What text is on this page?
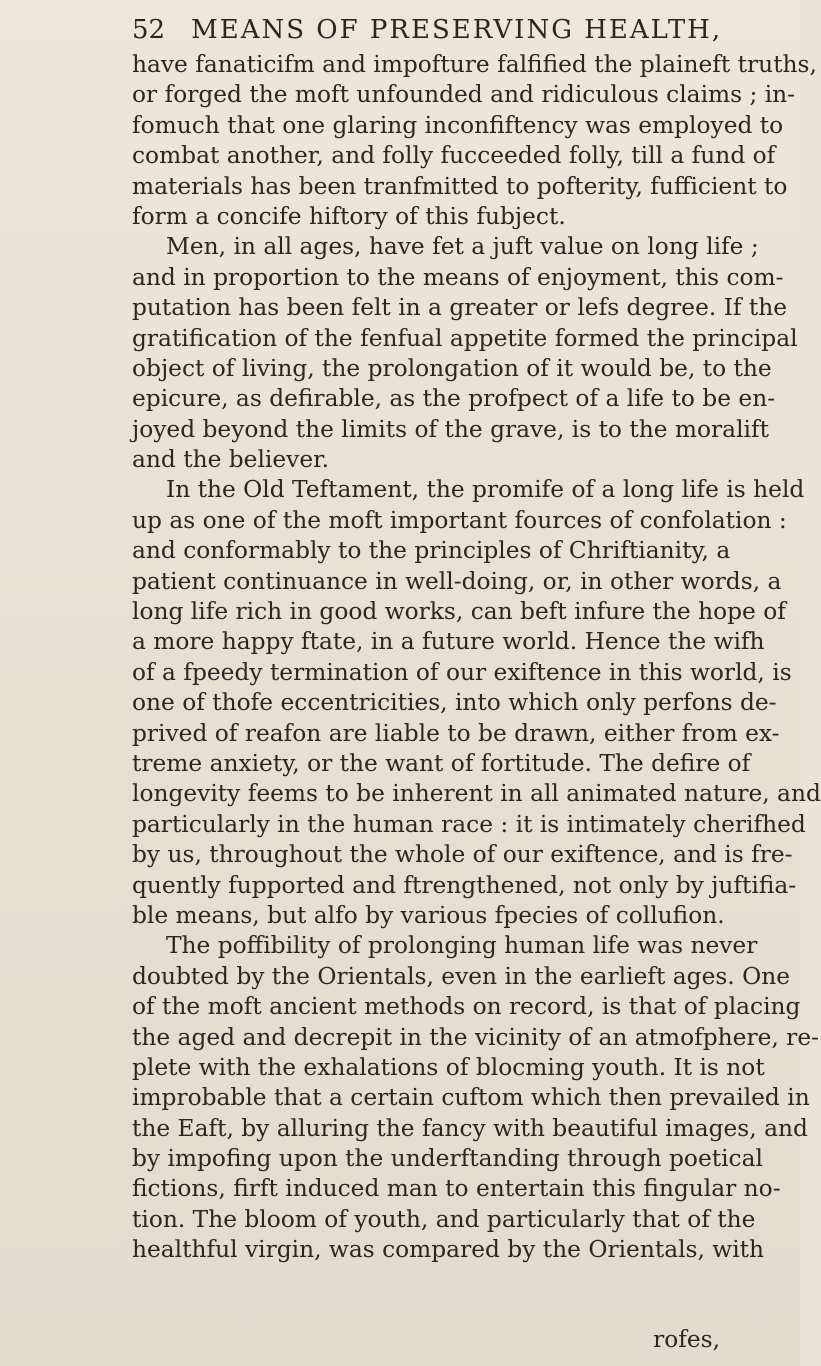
52 MEANS OF PRESERVING HEALTH,
have fanaticifm and impofture falfified the plaineft truths,
or forged the moft unfounded and ridiculous claims ; in-
fomuch that one glaring inconfiftency was employed to
combat another, and folly fucceeded folly, till a fund of
materials has been tranfmitted to pofterity, fufficient to
form a concife hiftory of this fubject.
Men, in all ages, have fet a juft value on long life ;
and in proportion to the means of enjoyment, this com-
putation has been felt in a greater or lefs degree. If the
gratification of the fenfual appetite formed the principal
object of living, the prolongation of it would be, to the
epicure, as defirable, as the profpect of a life to be en-
joyed beyond the limits of the grave, is to the moralift
and the believer.
In the Old Teftament, the promife of a long life is held
up as one of the moft important fources of confolation :
and conformably to the principles of Chriftianity, a
patient continuance in well-doing, or, in other words, a
long life rich in good works, can beft infure the hope of
a more happy ftate, in a future world. Hence the wifh
of a fpeedy termination of our exiftence in this world, is
one of thofe eccentricities, into which only perfons de-
prived of reafon are liable to be drawn, either from ex-
treme anxiety, or the want of fortitude. The defire of
longevity feems to be inherent in all animated nature, and
particularly in the human race : it is intimately cherifhed
by us, throughout the whole of our exiftence, and is fre-
quently fupported and ftrengthened, not only by juftifia-
ble means, but alfo by various fpecies of collufion.
The poffibility of prolonging human life was never
doubted by the Orientals, even in the earlieft ages. One
of the moft ancient methods on record, is that of placing
the aged and decrepit in the vicinity of an atmofphere, re-
plete with the exhalations of blocming youth. It is not
improbable that a certain cuftom which then prevailed in
the Eaft, by alluring the fancy with beautiful images, and
by impofing upon the underftanding through poetical
fictions, firft induced man to entertain this fingular no-
tion. The bloom of youth, and particularly that of the
healthful virgin, was compared by the Orientals, with
rofes,
